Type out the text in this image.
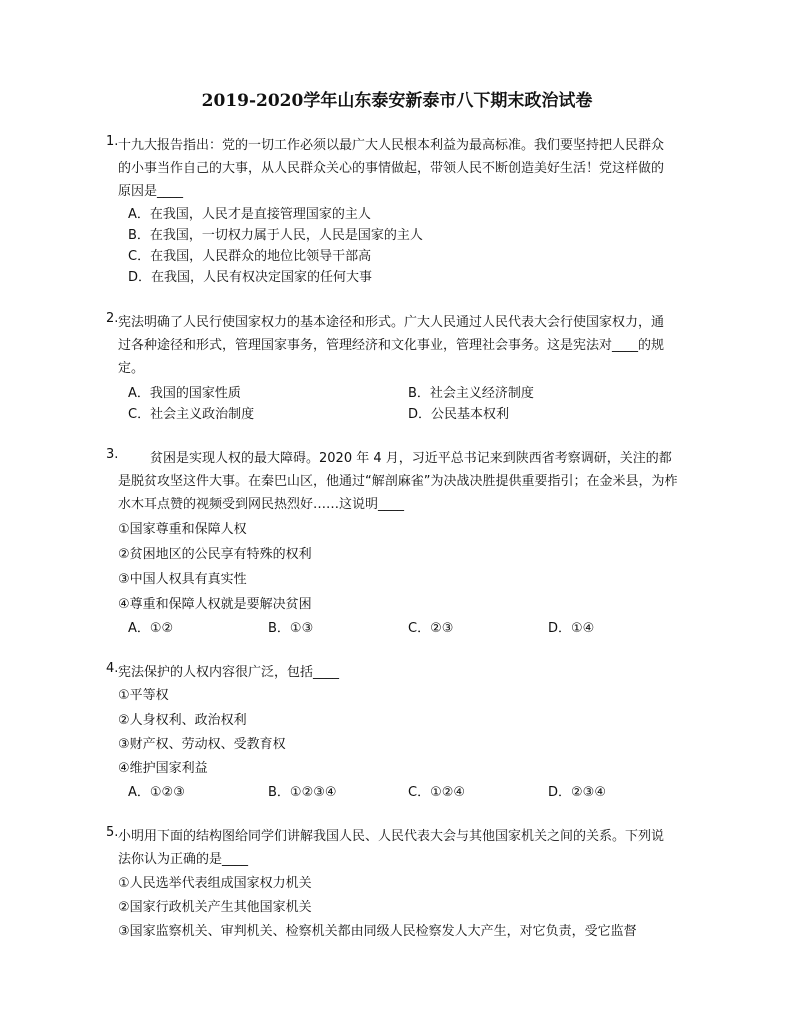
2019-2020学年山东泰安新泰市八下期末政治试卷
1. 十九大报告指出：党的一切工作必须以最广大人民根本利益为最高标准。我们要坚持把人民群众
的小事当作自己的大事，从人民群众关心的事情做起，带领人民不断创造美好生活！党这样做的
原因是____
A．在我国，人民才是直接管理国家的主人
B．在我国，一切权力属于人民，人民是国家的主人
C．在我国，人民群众的地位比领导干部高
D．在我国，人民有权决定国家的任何大事
2. 宪法明确了人民行使国家权力的基本途径和形式。广大人民通过人民代表大会行使国家权力，通
过各种途径和形式，管理国家事务，管理经济和文化事业，管理社会事务。这是宪法对____的规
定。
A．我国的国家性质	B．社会主义经济制度
C．社会主义政治制度	D．公民基本权利
3. 贫困是实现人权的最大障碍。2020 年 4 月，习近平总书记来到陕西省考察调研，关注的都
是脱贫攻坚这件大事。在秦巴山区，他通过“解剖麻雀”为决战决胜提供重要指引；在金米县，为柞
水木耳点赞的视频受到网民热烈好……这说明____
①国家尊重和保障人权
②贫困地区的公民享有特殊的权利
③中国人权具有真实性
④尊重和保障人权就是要解决贫困
A．①②	B．①③	C．②③	D．①④
4. 宪法保护的人权内容很广泛，包括____
①平等权
②人身权利、政治权利
③财产权、劳动权、受教育权
④维护国家利益
A．①②③	B．①②③④	C．①②④	D．②③④
5. 小明用下面的结构图给同学们讲解我国人民、人民代表大会与其他国家机关之间的关系。下列说
法你认为正确的是____
①人民选举代表组成国家权力机关
②国家行政机关产生其他国家机关
③国家监察机关、审判机关、检察机关都由同级人民检察发人大产生，对它负责，受它监督
